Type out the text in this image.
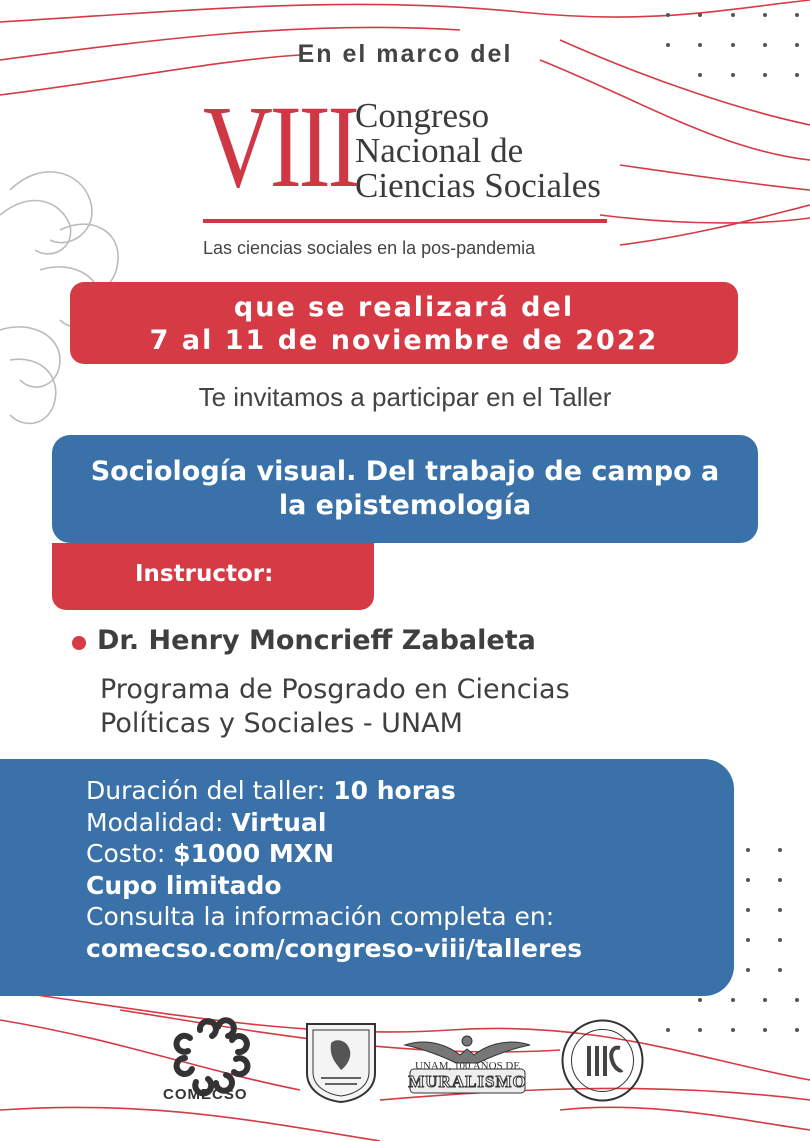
En el marco del
VIII
Congreso
Nacional de
Ciencias Sociales
Las ciencias sociales en la pos-pandemia
que se realizará del
7 al 11 de noviembre de 2022
Te invitamos a participar en el Taller
Sociología visual. Del trabajo de campo a la epistemología
Instructor:
Dr. Henry Moncrieff Zabaleta
Programa de Posgrado en Ciencias
Políticas y Sociales - UNAM
Duración del taller: 10 horas
Modalidad: Virtual
Costo: $1000 MXN
Cupo limitado
Consulta la información completa en:
comecso.com/congreso-viii/talleres
COMECSO
UNAM, 100 AÑOS DE
MURALISMO
